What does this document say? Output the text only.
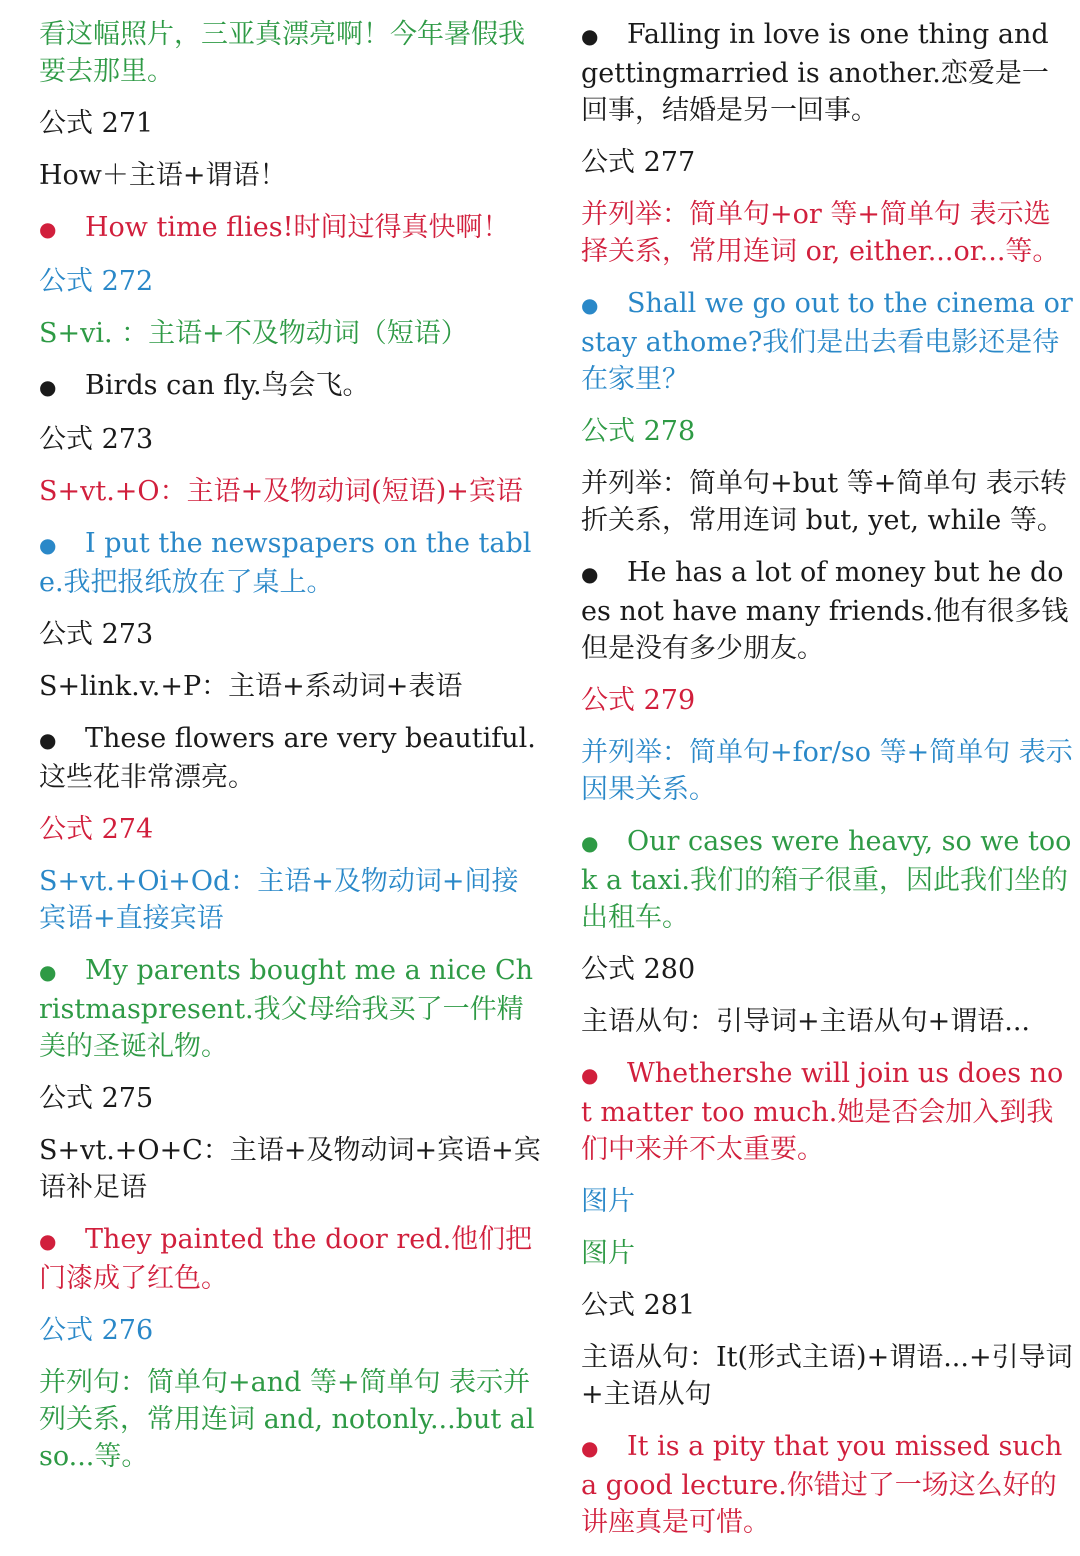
看这幅照片，三亚真漂亮啊！今年暑假我要去那里。
公式 271
How＋主语+谓语！
● How time flies!时间过得真快啊！
公式 272
S+vi. ：主语+不及物动词（短语）
● Birds can fly.鸟会飞。
公式 273
S+vt.+O：主语+及物动词(短语)+宾语
● I put the newspapers on the table.我把报纸放在了桌上。
公式 273
S+link.v.+P：主语+系动词+表语
● These flowers are very beautiful.这些花非常漂亮。
公式 274
S+vt.+Oi+Od：主语+及物动词+间接宾语+直接宾语
● My parents bought me a nice Christmaspresent.我父母给我买了一件精美的圣诞礼物。
公式 275
S+vt.+O+C：主语+及物动词+宾语+宾语补足语
● They painted the door red.他们把门漆成了红色。
公式 276
并列句：简单句+and 等+简单句 表示并列关系，常用连词 and, notonly...but also...等。
● Falling in love is one thing and gettingmarried is another.恋爱是一回事，结婚是另一回事。
公式 277
并列举：简单句+or 等+简单句 表示选择关系，常用连词 or, either...or...等。
● Shall we go out to the cinema or stay athome?我们是出去看电影还是待在家里？
公式 278
并列举：简单句+but 等+简单句 表示转折关系，常用连词 but, yet, while 等。
● He has a lot of money but he does not have many friends.他有很多钱但是没有多少朋友。
公式 279
并列举：简单句+for/so 等+简单句 表示因果关系。
● Our cases were heavy, so we took a taxi.我们的箱子很重，因此我们坐的出租车。
公式 280
主语从句：引导词+主语从句+谓语...
● Whethershe will join us does not matter too much.她是否会加入到我们中来并不太重要。
图片
图片
公式 281
主语从句：It(形式主语)+谓语...+引导词+主语从句
● It is a pity that you missed such a good lecture.你错过了一场这么好的讲座真是可惜。
